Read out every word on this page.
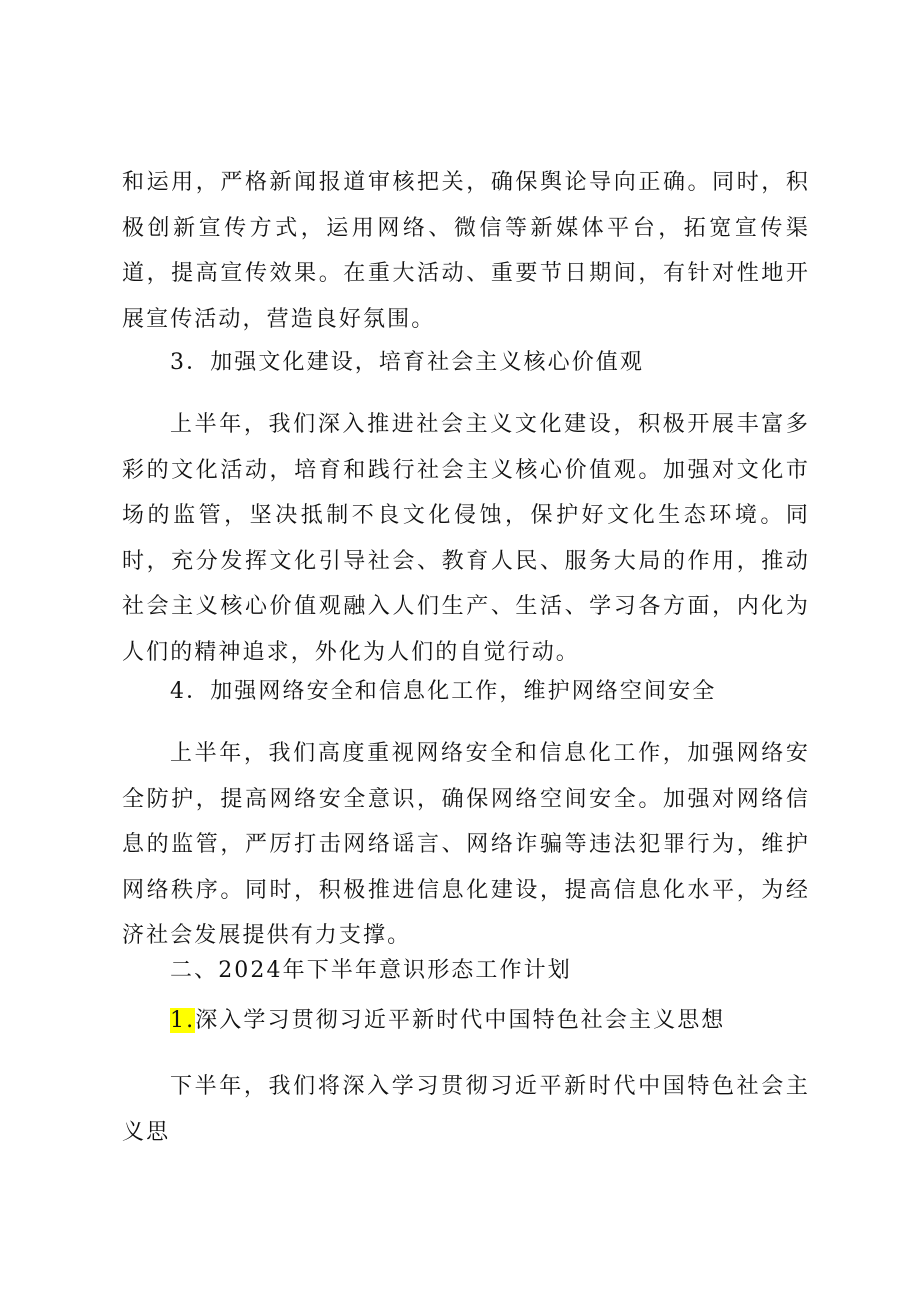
和运用，严格新闻报道审核把关，确保舆论导向正确。同时，积极创新宣传方式，运用网络、微信等新媒体平台，拓宽宣传渠道，提高宣传效果。在重大活动、重要节日期间，有针对性地开展宣传活动，营造良好氛围。

3．加强文化建设，培育社会主义核心价值观

上半年，我们深入推进社会主义文化建设，积极开展丰富多彩的文化活动，培育和践行社会主义核心价值观。加强对文化市场的监管，坚决抵制不良文化侵蚀，保护好文化生态环境。同时，充分发挥文化引导社会、教育人民、服务大局的作用，推动社会主义核心价值观融入人们生产、生活、学习各方面，内化为人们的精神追求，外化为人们的自觉行动。

4．加强网络安全和信息化工作，维护网络空间安全

上半年，我们高度重视网络安全和信息化工作，加强网络安全防护，提高网络安全意识，确保网络空间安全。加强对网络信息的监管，严厉打击网络谣言、网络诈骗等违法犯罪行为，维护网络秩序。同时，积极推进信息化建设，提高信息化水平，为经济社会发展提供有力支撑。

二、2024年下半年意识形态工作计划

1.深入学习贯彻习近平新时代中国特色社会主义思想

下半年，我们将深入学习贯彻习近平新时代中国特色社会主义思
